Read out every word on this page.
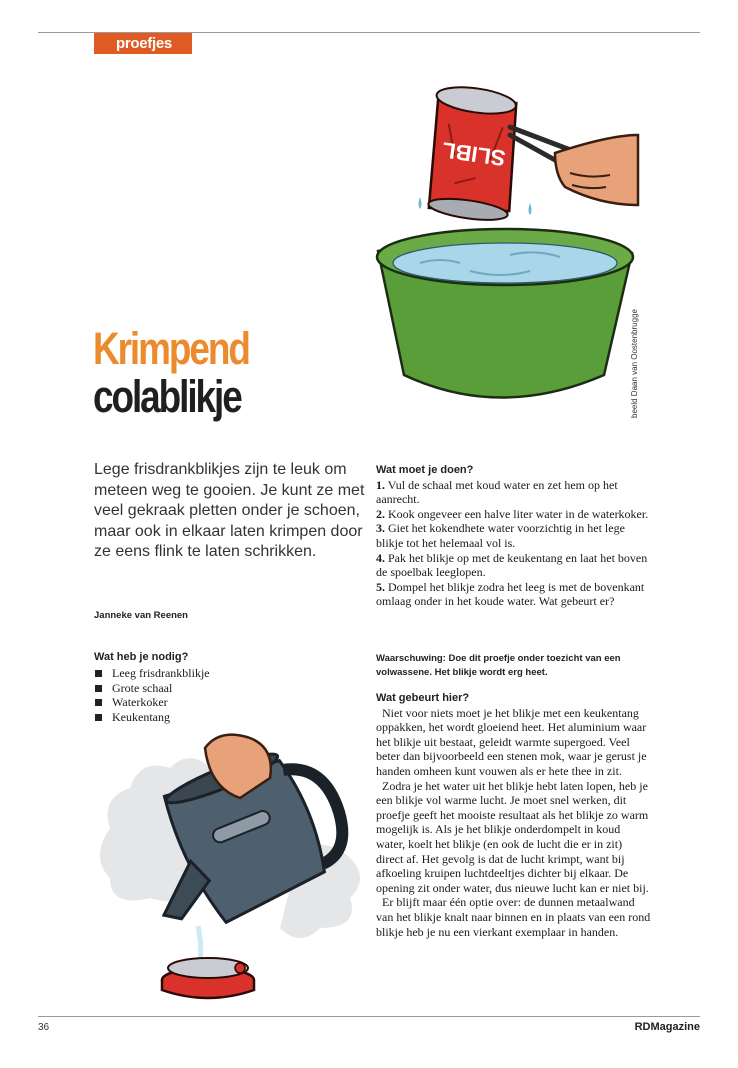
proefjes
SLIBL
beeld Daan van Oostenbrugge
Krimpend
colablikje
Lege frisdrankblikjes zijn te leuk om meteen weg te gooien. Je kunt ze met veel gekraak pletten onder je schoen, maar ook in elkaar laten krimpen door ze eens flink te laten schrikken.
Janneke van Reenen
Wat heb je nodig?
Leeg frisdrankblikje
Grote schaal
Waterkoker
Keukentang
Wat moet je doen?

1. Vul de schaal met koud water en zet hem op het aanrecht.

2. Kook ongeveer een halve liter water in de waterkoker.

3. Giet het kokendhete water voorzichtig in het lege blikje tot het helemaal vol is.

4. Pak het blikje op met de keukentang en laat het boven de spoelbak leeglopen.

5. Dompel het blikje zodra het leeg is met de bovenkant omlaag onder in het koude water. Wat gebeurt er?

Waarschuwing: Doe dit proefje onder toezicht van een volwassene. Het blikje wordt erg heet.
Wat gebeurt hier?

Niet voor niets moet je het blikje met een keukentang oppakken, het wordt gloeiend heet. Het aluminium waar het blikje uit bestaat, geleidt warmte supergoed. Veel beter dan bijvoorbeeld een stenen mok, waar je gerust je handen omheen kunt vouwen als er hete thee in zit.

Zodra je het water uit het blikje hebt laten lopen, heb je een blikje vol warme lucht. Je moet snel werken, dit proefje geeft het mooiste resultaat als het blikje zo warm mogelijk is. Als je het blikje onderdompelt in koud water, koelt het blikje (en ook de lucht die er in zit) direct af. Het gevolg is dat de lucht krimpt, want bij afkoeling kruipen luchtdeeltjes dichter bij elkaar. De opening zit onder water, dus nieuwe lucht kan er niet bij.

Er blijft maar één optie over: de dunnen metaalwand van het blikje knalt naar binnen en in plaats van een rond blikje heb je nu een vierkant exemplaar in handen.

36	RDMagazine
